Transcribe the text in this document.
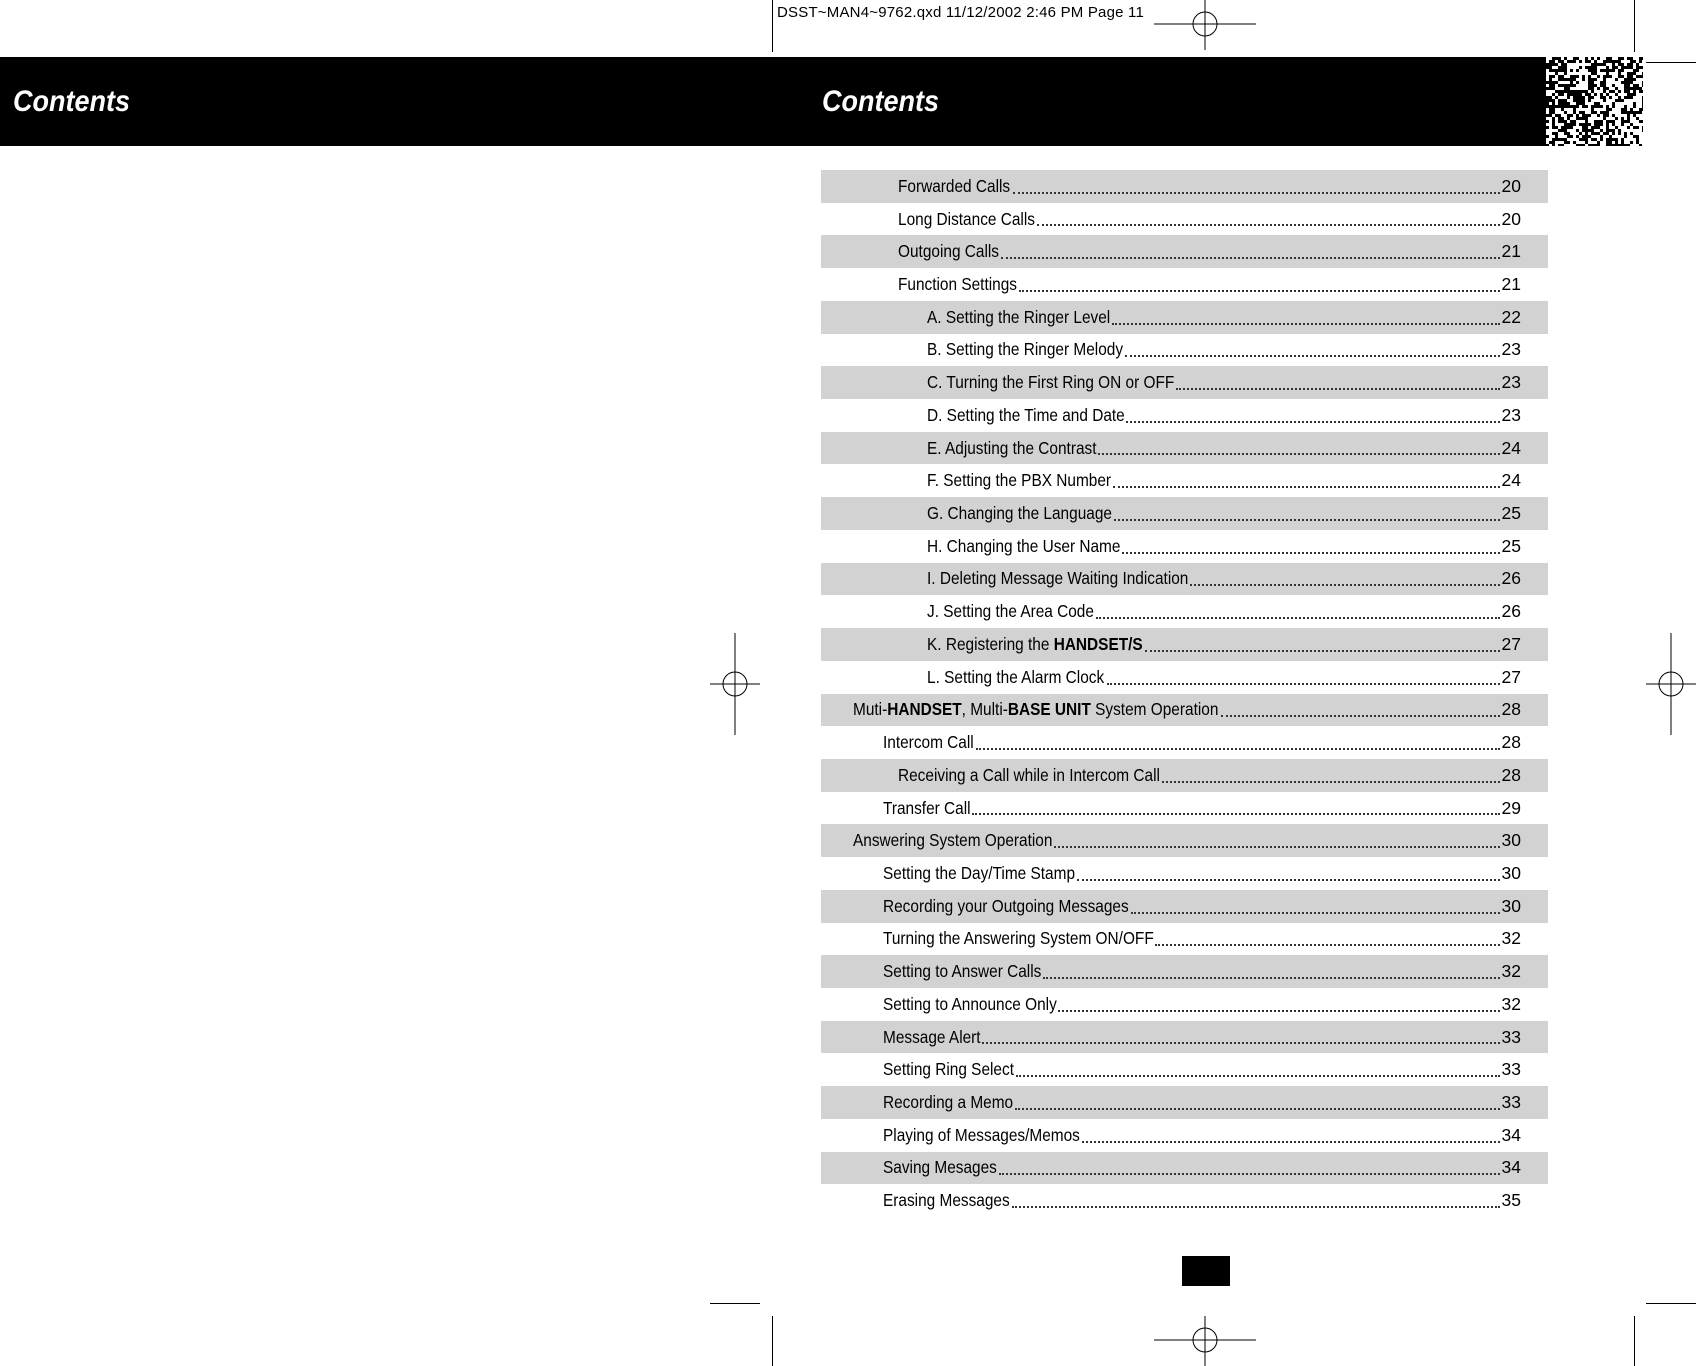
DSST~MAN4~9762.qxd 11/12/2002 2:46 PM Page 11
Contents	Contents
Forwarded Calls	20
Long Distance Calls	20
Outgoing Calls	21
Function Settings	21
A. Setting the Ringer Level	22
B. Setting the Ringer Melody	23
C. Turning the First Ring ON or OFF	23
D. Setting the Time and Date	23
E. Adjusting the Contrast	24
F. Setting the PBX Number	24
G. Changing the Language	25
H. Changing the User Name	25
I. Deleting Message Waiting Indication	26
J. Setting the Area Code	26
K. Registering the HANDSET/S	27
L. Setting the Alarm Clock	27
Muti-HANDSET, Multi-BASE UNIT System Operation	28
Intercom Call	28
Receiving a Call while in Intercom Call	28
Transfer Call	29
Answering System Operation	30
Setting the Day/Time Stamp	30
Recording your Outgoing Messages	30
Turning the Answering System ON/OFF	32
Setting to Answer Calls	32
Setting to Announce Only	32
Message Alert	33
Setting Ring Select	33
Recording a Memo	33
Playing of Messages/Memos	34
Saving Mesages	34
Erasing Messages	35
